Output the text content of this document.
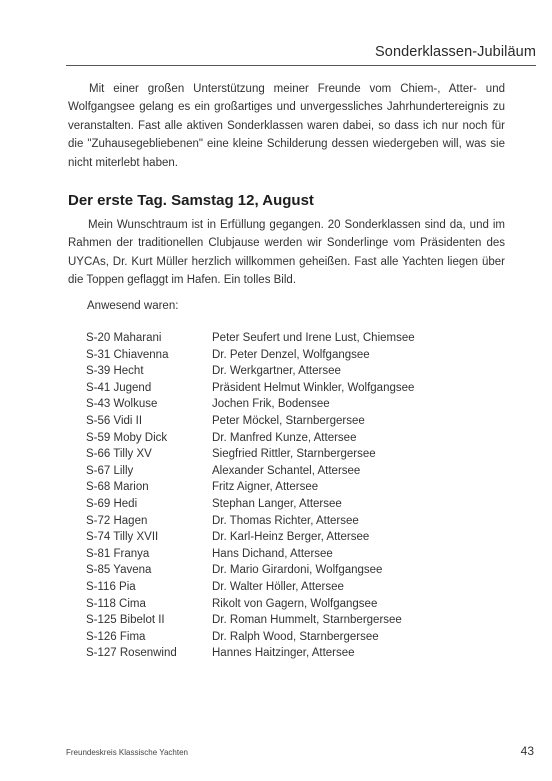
Sonderklassen-Jubiläum

Mit einer großen Unterstützung meiner Freunde vom Chiem-, Atter- und Wolfgangsee gelang es ein großartiges und unvergessliches Jahrhundertereignis zu veranstalten. Fast alle aktiven Sonderklassen waren dabei, so dass ich nur noch für die "Zuhausegebliebenen" eine kleine Schilderung dessen wiedergeben will, was sie nicht miterlebt haben.

Der erste Tag. Samstag 12, August

Mein Wunschtraum ist in Erfüllung gegangen. 20 Sonderklassen sind da, und im Rahmen der traditionellen Clubjause werden wir Sonderlinge vom Präsidenten des UYCAs, Dr. Kurt Müller herzlich willkommen geheißen. Fast alle Yachten liegen über die Toppen geflaggt im Hafen. Ein tolles Bild.

Anwesend waren:
S-20 Maharani	Peter Seufert und Irene Lust, Chiemsee
S-31 Chiavenna	Dr. Peter Denzel, Wolfgangsee
S-39 Hecht	Dr. Werkgartner, Attersee
S-41 Jugend	Präsident Helmut Winkler, Wolfgangsee
S-43 Wolkuse	Jochen Frik, Bodensee
S-56 Vidi II	Peter Möckel, Starnbergersee
S-59 Moby Dick	Dr. Manfred Kunze, Attersee
S-66 Tilly XV	Siegfried Rittler, Starnbergersee
S-67 Lilly	Alexander Schantel, Attersee
S-68 Marion	Fritz Aigner, Attersee
S-69 Hedi	Stephan Langer, Attersee
S-72 Hagen	Dr. Thomas Richter, Attersee
S-74 Tilly XVII	Dr. Karl-Heinz Berger, Attersee
S-81 Franya	Hans Dichand, Attersee
S-85 Yavena	Dr. Mario Girardoni, Wolfgangsee
S-116 Pia	Dr. Walter Höller, Attersee
S-118 Cima	Rikolt von Gagern, Wolfgangsee
S-125 Bibelot II	Dr. Roman Hummelt, Starnbergersee
S-126 Fima	Dr. Ralph Wood, Starnbergersee
S-127 Rosenwind	Hannes Haitzinger, Attersee
Freundeskreis Klassische Yachten	43
